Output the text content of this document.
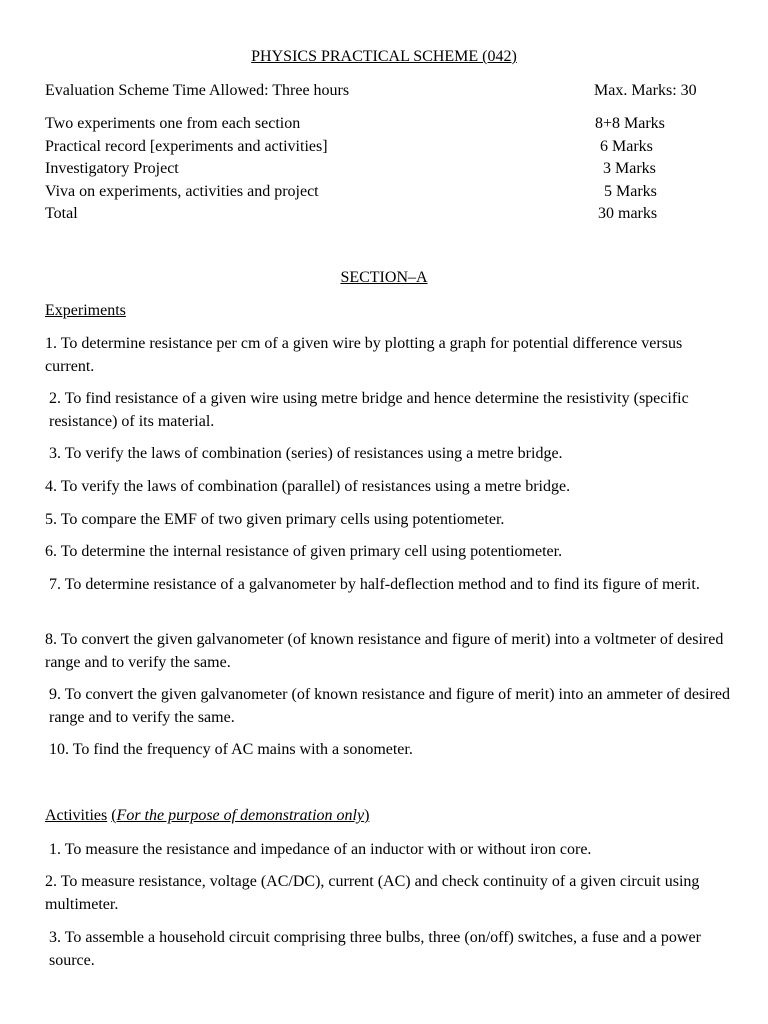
PHYSICS PRACTICAL SCHEME (042)
Evaluation Scheme Time Allowed: Three hours	Max. Marks: 30
Two experiments one from each section	8+8 Marks
Practical record [experiments and activities]	6 Marks
Investigatory Project	3 Marks
Viva on experiments, activities and project	5 Marks
Total	30 marks
SECTION–A
Experiments

1. To determine resistance per cm of a given wire by plotting a graph for potential difference versus current.

2. To find resistance of a given wire using metre bridge and hence determine the resistivity (specific resistance) of its material.

3. To verify the laws of combination (series) of resistances using a metre bridge.

4. To verify the laws of combination (parallel) of resistances using a metre bridge.

5. To compare the EMF of two given primary cells using potentiometer.

6. To determine the internal resistance of given primary cell using potentiometer.

7. To determine resistance of a galvanometer by half-deflection method and to find its figure of merit.

8. To convert the given galvanometer (of known resistance and figure of merit) into a voltmeter of desired range and to verify the same.

9. To convert the given galvanometer (of known resistance and figure of merit) into an ammeter of desired range and to verify the same.

10. To find the frequency of AC mains with a sonometer.

Activities (For the purpose of demonstration only)

1. To measure the resistance and impedance of an inductor with or without iron core.

2. To measure resistance, voltage (AC/DC), current (AC) and check continuity of a given circuit using multimeter.

3. To assemble a household circuit comprising three bulbs, three (on/off) switches, a fuse and a power source.
